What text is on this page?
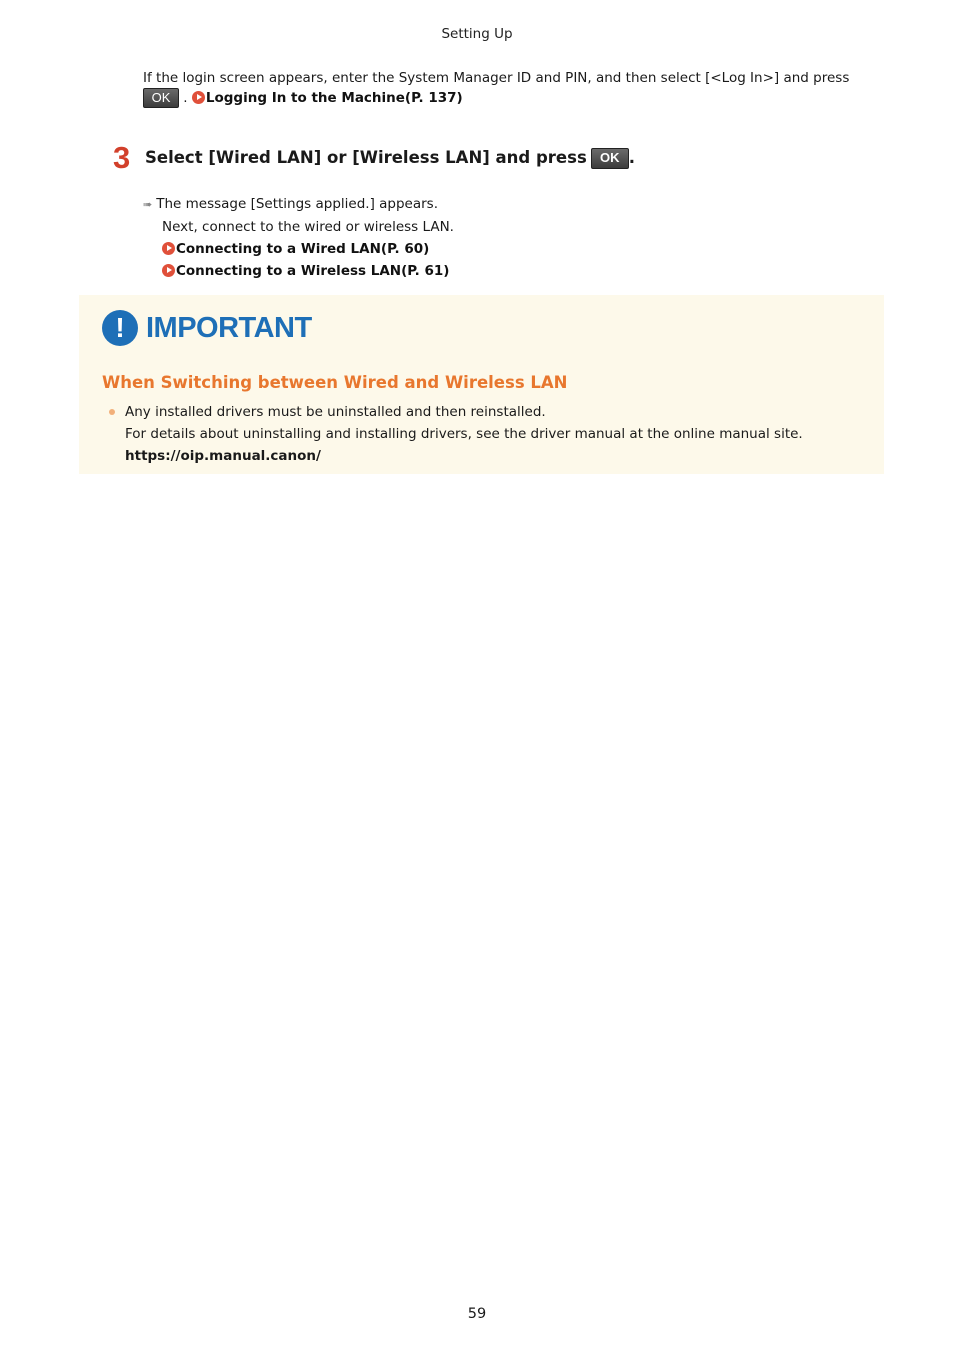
Setting Up
If the login screen appears, enter the System Manager ID and PIN, and then select [<Log In>] and press
OK . Logging In to the Machine(P. 137)
3 Select [Wired LAN] or [Wireless LAN] and press OK .
➠ The message [Settings applied.] appears.
Next, connect to the wired or wireless LAN.
Connecting to a Wired LAN(P. 60)
Connecting to a Wireless LAN(P. 61)
! IMPORTANT
When Switching between Wired and Wireless LAN
Any installed drivers must be uninstalled and then reinstalled.
For details about uninstalling and installing drivers, see the driver manual at the online manual site.
https://oip.manual.canon/
59
